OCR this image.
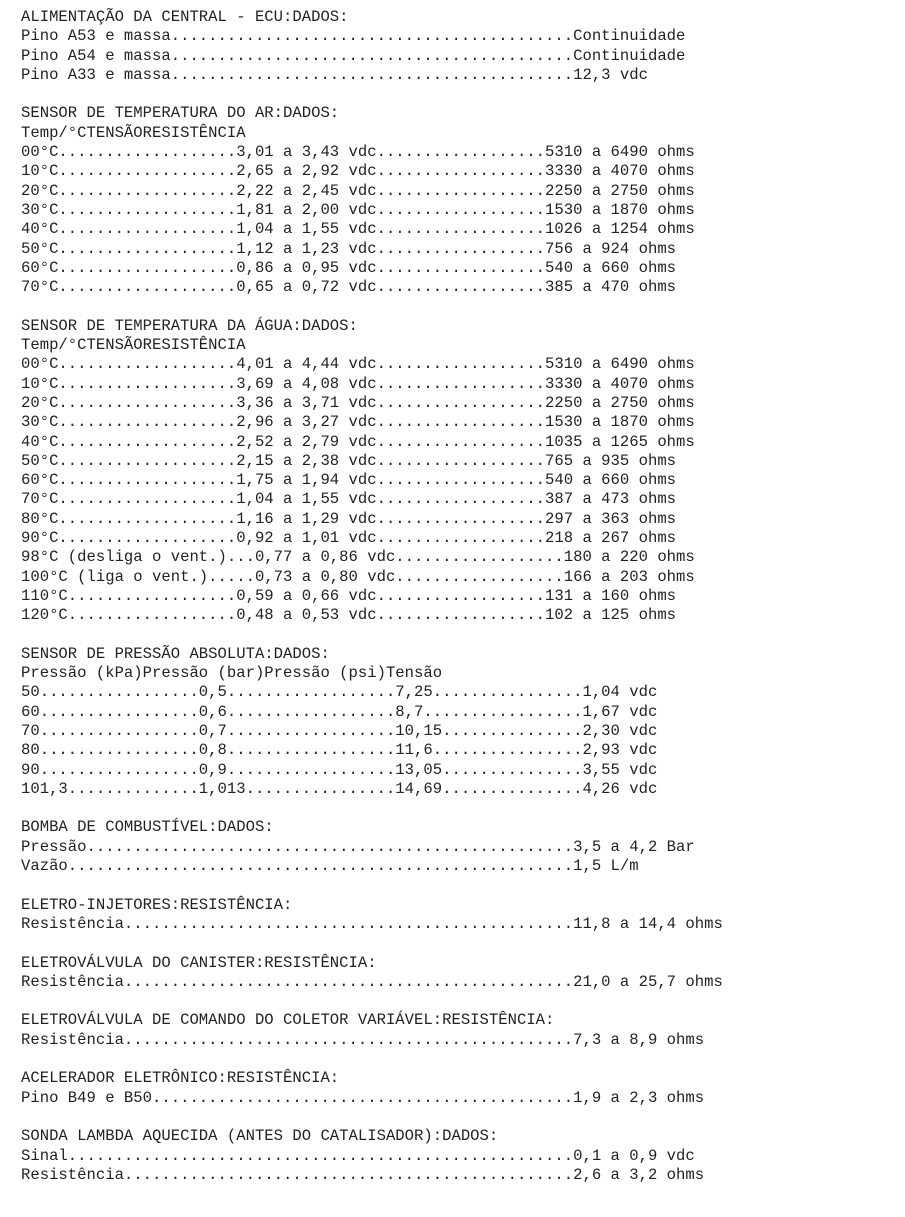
ALIMENTAÇÃO DA CENTRAL - ECU:DADOS:
Pino A53 e massa...........................................Continuidade
Pino A54 e massa...........................................Continuidade
Pino A33 e massa...........................................12,3 vdc
SENSOR DE TEMPERATURA DO AR:DADOS:
Temp/°CTENSÃORESISTÊNCIA
00°C...................3,01 a 3,43 vdc..................5310 a 6490 ohms
10°C...................2,65 a 2,92 vdc..................3330 a 4070 ohms
20°C...................2,22 a 2,45 vdc..................2250 a 2750 ohms
30°C...................1,81 a 2,00 vdc..................1530 a 1870 ohms
40°C...................1,04 a 1,55 vdc..................1026 a 1254 ohms
50°C...................1,12 a 1,23 vdc..................756 a 924 ohms
60°C...................0,86 a 0,95 vdc..................540 a 660 ohms
70°C...................0,65 a 0,72 vdc..................385 a 470 ohms
SENSOR DE TEMPERATURA DA ÁGUA:DADOS:
Temp/°CTENSÃORESISTÊNCIA
00°C...................4,01 a 4,44 vdc..................5310 a 6490 ohms
10°C...................3,69 a 4,08 vdc..................3330 a 4070 ohms
20°C...................3,36 a 3,71 vdc..................2250 a 2750 ohms
30°C...................2,96 a 3,27 vdc..................1530 a 1870 ohms
40°C...................2,52 a 2,79 vdc..................1035 a 1265 ohms
50°C...................2,15 a 2,38 vdc..................765 a 935 ohms
60°C...................1,75 a 1,94 vdc..................540 a 660 ohms
70°C...................1,04 a 1,55 vdc..................387 a 473 ohms
80°C...................1,16 a 1,29 vdc..................297 a 363 ohms
90°C...................0,92 a 1,01 vdc..................218 a 267 ohms
98°C (desliga o vent.)...0,77 a 0,86 vdc..................180 a 220 ohms
100°C (liga o vent.).....0,73 a 0,80 vdc..................166 a 203 ohms
110°C..................0,59 a 0,66 vdc..................131 a 160 ohms
120°C..................0,48 a 0,53 vdc..................102 a 125 ohms
SENSOR DE PRESSÃO ABSOLUTA:DADOS:
Pressão (kPa)Pressão (bar)Pressão (psi)Tensão
50.................0,5..................7,25................1,04 vdc
60.................0,6..................8,7.................1,67 vdc
70.................0,7..................10,15...............2,30 vdc
80.................0,8..................11,6................2,93 vdc
90.................0,9..................13,05...............3,55 vdc
101,3..............1,013................14,69...............4,26 vdc
BOMBA DE COMBUSTÍVEL:DADOS:
Pressão....................................................3,5 a 4,2 Bar
Vazão......................................................1,5 L/m
ELETRO-INJETORES:RESISTÊNCIA:
Resistência................................................11,8 a 14,4 ohms
ELETROVÁLVULA DO CANISTER:RESISTÊNCIA:
Resistência................................................21,0 a 25,7 ohms
ELETROVÁLVULA DE COMANDO DO COLETOR VARIÁVEL:RESISTÊNCIA:
Resistência................................................7,3 a 8,9 ohms
ACELERADOR ELETRÔNICO:RESISTÊNCIA:
Pino B49 e B50.............................................1,9 a 2,3 ohms
SONDA LAMBDA AQUECIDA (ANTES DO CATALISADOR):DADOS:
Sinal......................................................0,1 a 0,9 vdc
Resistência................................................2,6 a 3,2 ohms
